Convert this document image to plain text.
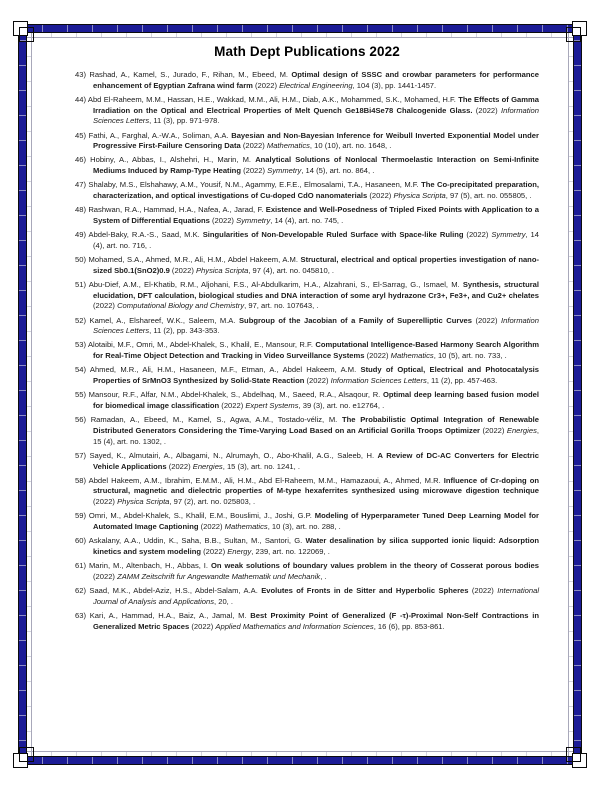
Math Dept Publications 2022

43) Rashad, A., Kamel, S., Jurado, F., Rihan, M., Ebeed, M. Optimal design of SSSC and crowbar parameters for performance enhancement of Egyptian Zafrana wind farm (2022) Electrical Engineering, 104 (3), pp. 1441-1457.

44) Abd El-Raheem, M.M., Hassan, H.E., Wakkad, M.M., Ali, H.M., Diab, A.K., Mohammed, S.K., Mohamed, H.F. The Effects of Gamma Irradiation on the Optical and Electrical Properties of Melt Quench Ge18Bi4Se78 Chalcogenide Glass. (2022) Information Sciences Letters, 11 (3), pp. 971-978.

45) Fathi, A., Farghal, A.-W.A., Soliman, A.A. Bayesian and Non-Bayesian Inference for Weibull Inverted Exponential Model under Progressive First-Failure Censoring Data (2022) Mathematics, 10 (10), art. no. 1648, .

46) Hobiny, A., Abbas, I., Alshehri, H., Marin, M. Analytical Solutions of Nonlocal Thermoelastic Interaction on Semi-Infinite Mediums Induced by Ramp-Type Heating (2022) Symmetry, 14 (5), art. no. 864, .

47) Shalaby, M.S., Elshahawy, A.M., Yousif, N.M., Agammy, E.F.E., Elmosalami, T.A., Hasaneen, M.F. The Co-precipitated preparation, characterization, and optical investigations of Cu-doped CdO nanomaterials (2022) Physica Scripta, 97 (5), art. no. 055805, .

48) Rashwan, R.A., Hammad, H.A., Nafea, A., Jarad, F. Existence and Well-Posedness of Tripled Fixed Points with Application to a System of Differential Equations (2022) Symmetry, 14 (4), art. no. 745, .

49) Abdel-Baky, R.A.-S., Saad, M.K. Singularities of Non-Developable Ruled Surface with Space-like Ruling (2022) Symmetry, 14 (4), art. no. 716, .

50) Mohamed, S.A., Ahmed, M.R., Ali, H.M., Abdel Hakeem, A.M. Structural, electrical and optical properties investigation of nano-sized Sb0.1(SnO2)0.9 (2022) Physica Scripta, 97 (4), art. no. 045810, .

51) Abu-Dief, A.M., El-Khatib, R.M., Aljohani, F.S., Al-Abdulkarim, H.A., Alzahrani, S., El-Sarrag, G., Ismael, M. Synthesis, structural elucidation, DFT calculation, biological studies and DNA interaction of some aryl hydrazone Cr3+, Fe3+, and Cu2+ chelates (2022) Computational Biology and Chemistry, 97, art. no. 107643, .

52) Kamel, A., Elshareef, W.K., Saleem, M.A. Subgroup of the Jacobian of a Family of Superelliptic Curves (2022) Information Sciences Letters, 11 (2), pp. 343-353.

53) Alotaibi, M.F., Omri, M., Abdel-Khalek, S., Khalil, E., Mansour, R.F. Computational Intelligence-Based Harmony Search Algorithm for Real-Time Object Detection and Tracking in Video Surveillance Systems (2022) Mathematics, 10 (5), art. no. 733, .

54) Ahmed, M.R., Ali, H.M., Hasaneen, M.F., Etman, A., Abdel Hakeem, A.M. Study of Optical, Electrical and Photocatalysis Properties of SrMnO3 Synthesized by Solid-State Reaction (2022) Information Sciences Letters, 11 (2), pp. 457-463.

55) Mansour, R.F., Alfar, N.M., Abdel-Khalek, S., Abdelhaq, M., Saeed, R.A., Alsaqour, R. Optimal deep learning based fusion model for biomedical image classification (2022) Expert Systems, 39 (3), art. no. e12764, .

56) Ramadan, A., Ebeed, M., Kamel, S., Agwa, A.M., Tostado-véliz, M. The Probabilistic Optimal Integration of Renewable Distributed Generators Considering the Time-Varying Load Based on an Artificial Gorilla Troops Optimizer (2022) Energies, 15 (4), art. no. 1302, .

57) Sayed, K., Almutairi, A., Albagami, N., Alrumayh, O., Abo-Khalil, A.G., Saleeb, H. A Review of DC-AC Converters for Electric Vehicle Applications (2022) Energies, 15 (3), art. no. 1241, .

58) Abdel Hakeem, A.M., Ibrahim, E.M.M., Ali, H.M., Abd El-Raheem, M.M., Hamazaoui, A., Ahmed, M.R. Influence of Cr-doping on structural, magnetic and dielectric properties of M-type hexaferrites synthesized using microwave digestion technique (2022) Physica Scripta, 97 (2), art. no. 025803, .

59) Omri, M., Abdel-Khalek, S., Khalil, E.M., Bouslimi, J., Joshi, G.P. Modeling of Hyperparameter Tuned Deep Learning Model for Automated Image Captioning (2022) Mathematics, 10 (3), art. no. 288, .

60) Askalany, A.A., Uddin, K., Saha, B.B., Sultan, M., Santori, G. Water desalination by silica supported ionic liquid: Adsorption kinetics and system modeling (2022) Energy, 239, art. no. 122069, .

61) Marin, M., Altenbach, H., Abbas, I. On weak solutions of boundary values problem in the theory of Cosserat porous bodies (2022) ZAMM Zeitschrift fur Angewandte Mathematik und Mechanik, .

62) Saad, M.K., Abdel-Aziz, H.S., Abdel-Salam, A.A. Evolutes of Fronts in de Sitter and Hyperbolic Spheres (2022) International Journal of Analysis and Applications, 20, .

63) Kari, A., Hammad, H.A., Baiz, A., Jamal, M. Best Proximity Point of Generalized (F -τ)-Proximal Non-Self Contractions in Generalized Metric Spaces (2022) Applied Mathematics and Information Sciences, 16 (6), pp. 853-861.
